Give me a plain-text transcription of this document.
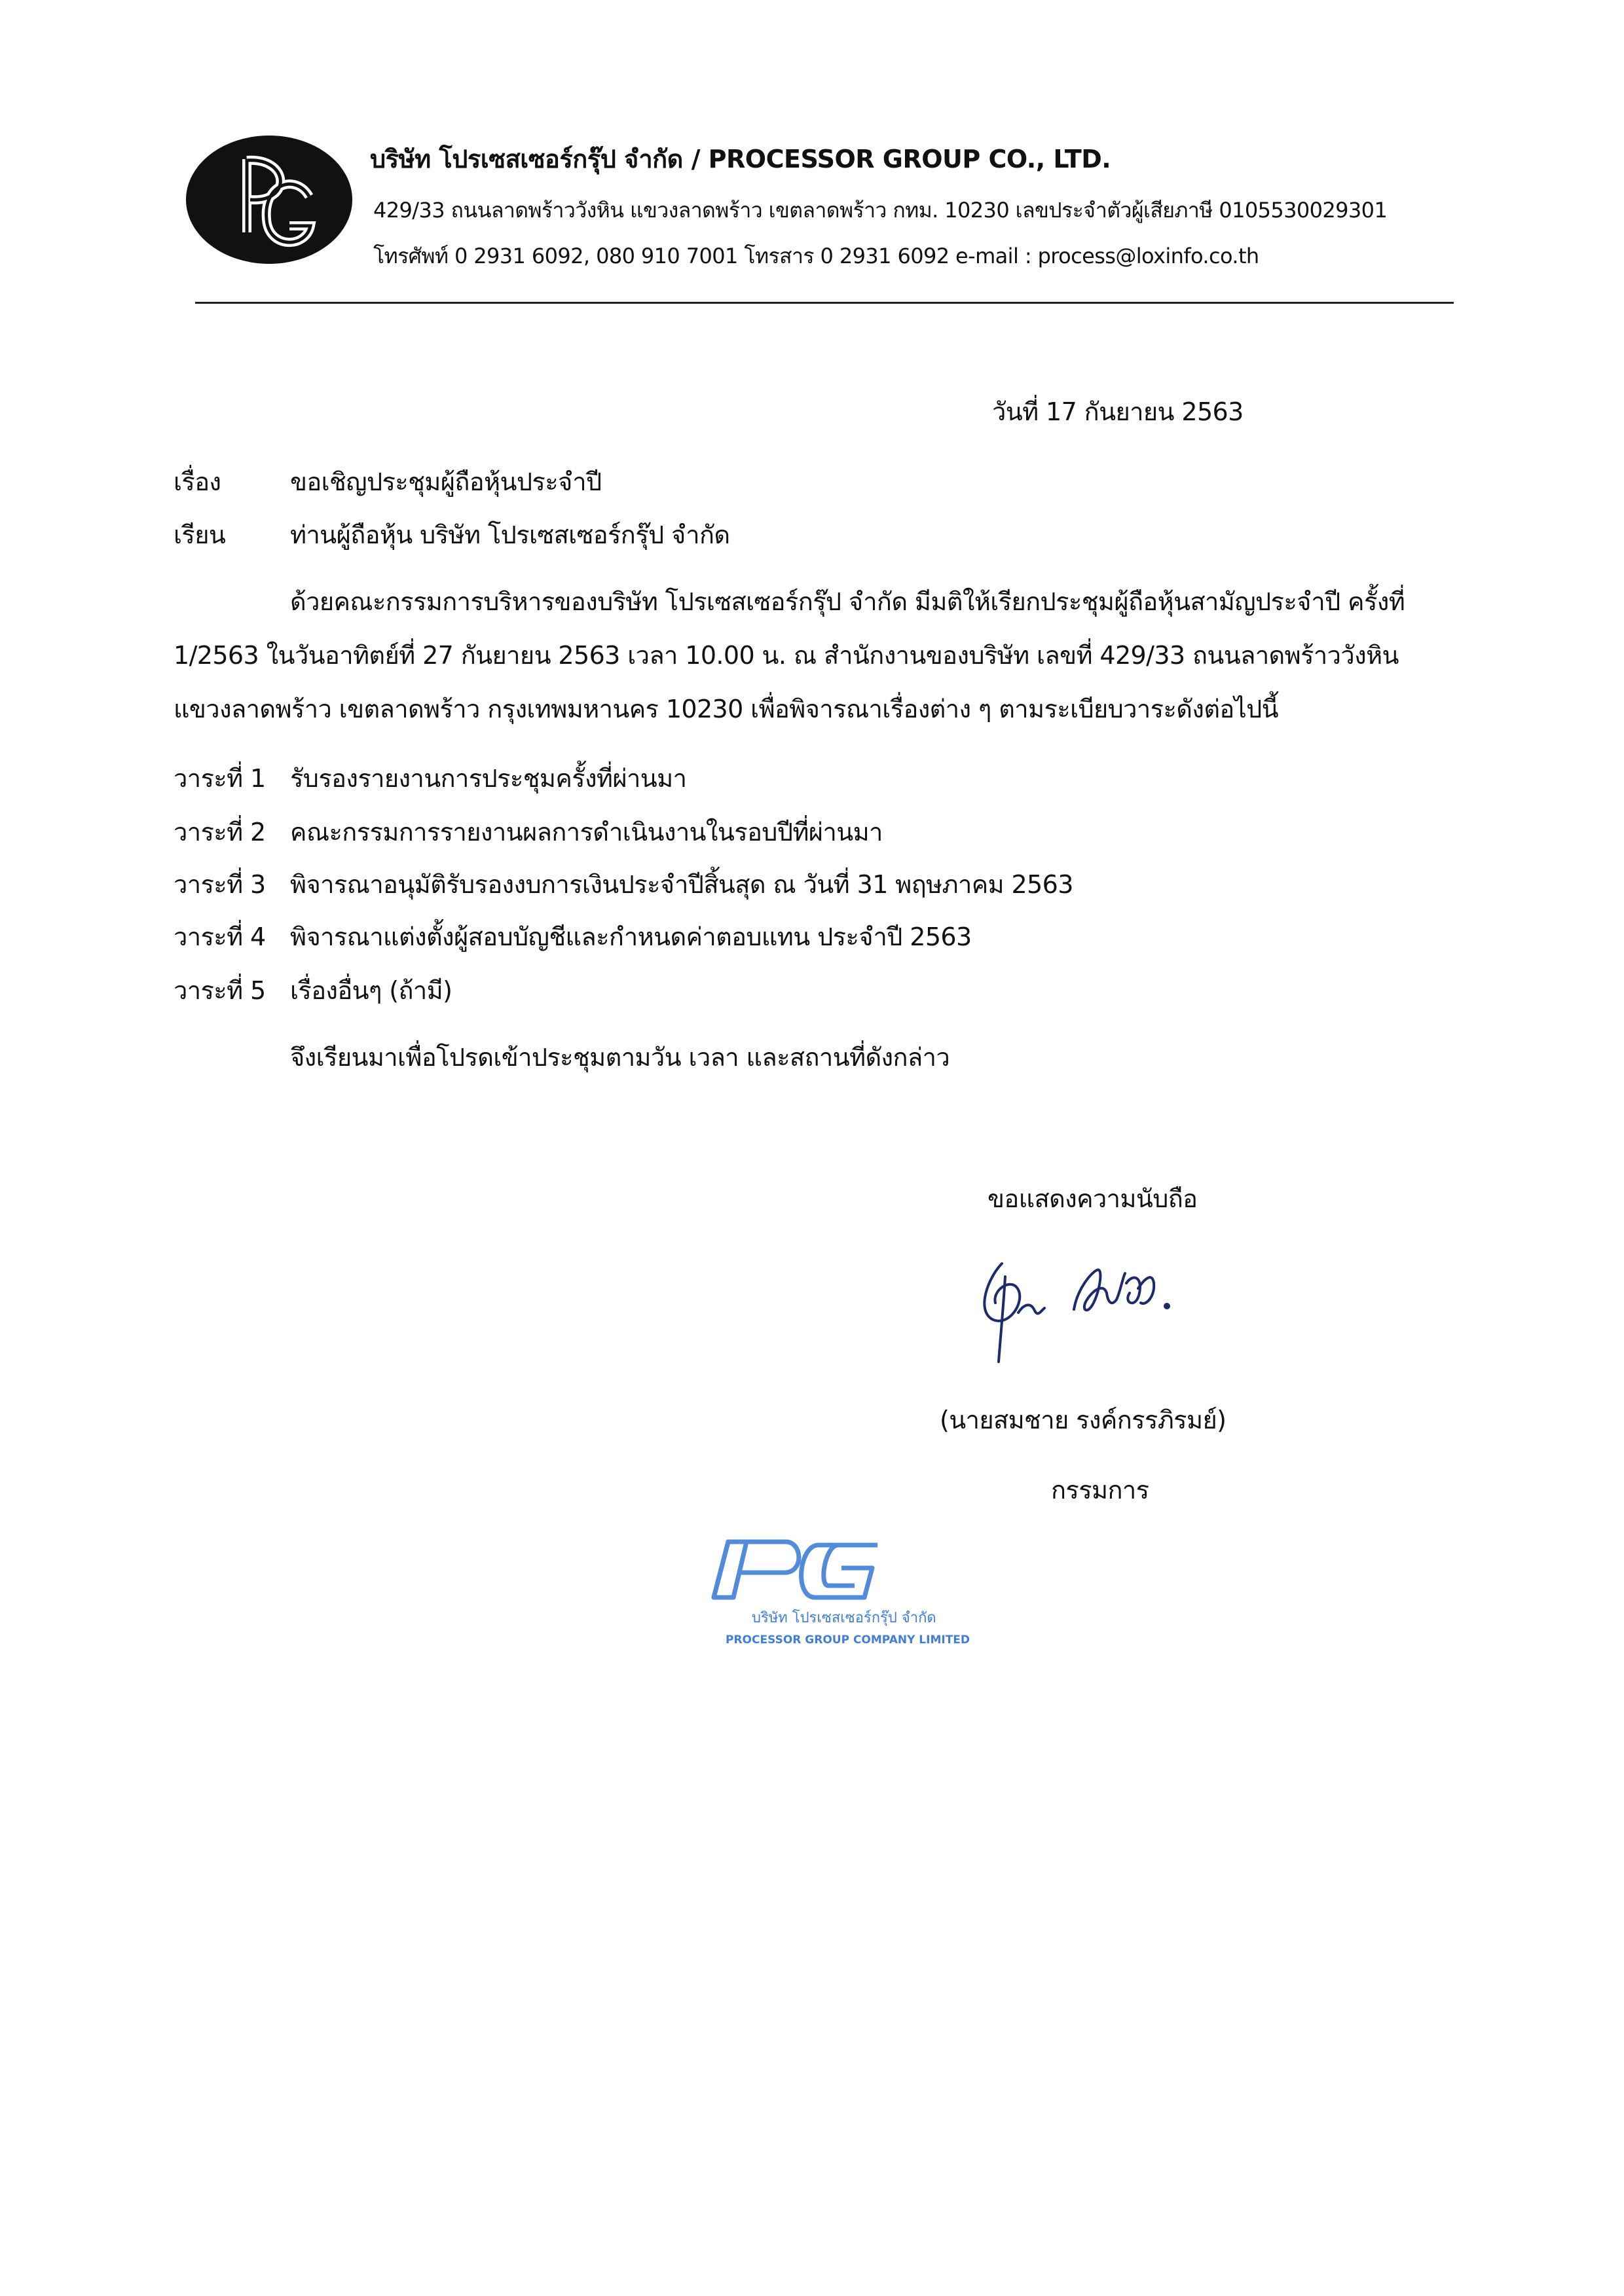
บริษัท โปรเซสเซอร์กรุ๊ป จำกัด / PROCESSOR GROUP CO., LTD.
429/33 ถนนลาดพร้าววังหิน แขวงลาดพร้าว เขตลาดพร้าว กทม. 10230 เลขประจำตัวผู้เสียภาษี 0105530029301
โทรศัพท์ 0 2931 6092, 080 910 7001 โทรสาร 0 2931 6092 e-mail : process@loxinfo.co.th
วันที่ 17 กันยายน 2563
เรื่อง	ขอเชิญประชุมผู้ถือหุ้นประจำปี
เรียน	ท่านผู้ถือหุ้น บริษัท โปรเซสเซอร์กรุ๊ป จำกัด
ด้วยคณะกรรมการบริหารของบริษัท โปรเซสเซอร์กรุ๊ป จำกัด มีมติให้เรียกประชุมผู้ถือหุ้นสามัญประจำปี ครั้งที่
1/2563 ในวันอาทิตย์ที่ 27 กันยายน 2563 เวลา 10.00 น. ณ สำนักงานของบริษัท เลขที่ 429/33 ถนนลาดพร้าววังหิน
แขวงลาดพร้าว เขตลาดพร้าว กรุงเทพมหานคร 10230 เพื่อพิจารณาเรื่องต่าง ๆ ตามระเบียบวาระดังต่อไปนี้
วาระที่ 1 รับรองรายงานการประชุมครั้งที่ผ่านมา
วาระที่ 2 คณะกรรมการรายงานผลการดำเนินงานในรอบปีที่ผ่านมา
วาระที่ 3 พิจารณาอนุมัติรับรองงบการเงินประจำปีสิ้นสุด ณ วันที่ 31 พฤษภาคม 2563
วาระที่ 4 พิจารณาแต่งตั้งผู้สอบบัญชีและกำหนดค่าตอบแทน ประจำปี 2563
วาระที่ 5 เรื่องอื่นๆ (ถ้ามี)
จึงเรียนมาเพื่อโปรดเข้าประชุมตามวัน เวลา และสถานที่ดังกล่าว
ขอแสดงความนับถือ
(นายสมชาย รงค์กรรภิรมย์)
กรรมการ
บริษัท โปรเซสเซอร์กรุ๊ป จำกัด
PROCESSOR GROUP COMPANY LIMITED
